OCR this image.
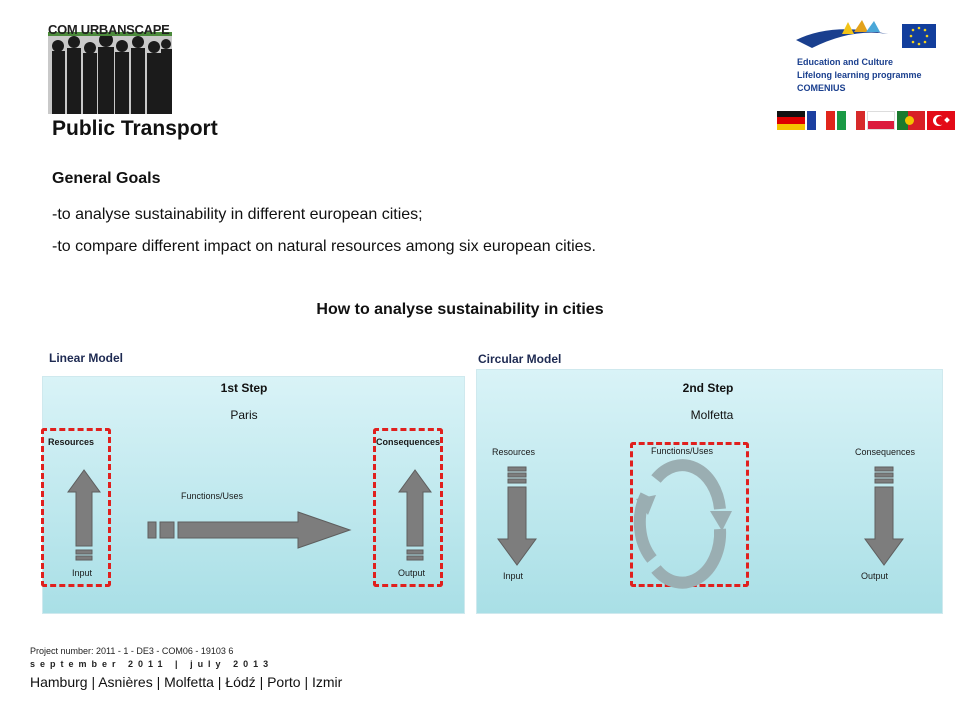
COM URBANSCAPE
Education and Culture
Lifelong learning programme
COMENIUS
Public Transport
General Goals
-to analyse sustainability in different european cities;
-to compare different impact on natural resources among six european cities.
How to analyse sustainability in cities
Linear Model
1st Step
Paris
Resources	Consequences
Functions/Uses
Input	Output
Circular Model
2nd Step
Molfetta
Resources	Functions/Uses	Consequences
Input	Output
Project number: 2011 - 1 - DE3 - COM06 - 19103 6
september 2011 | july 2013
Hamburg | Asnières | Molfetta | Łódź | Porto | Izmir
